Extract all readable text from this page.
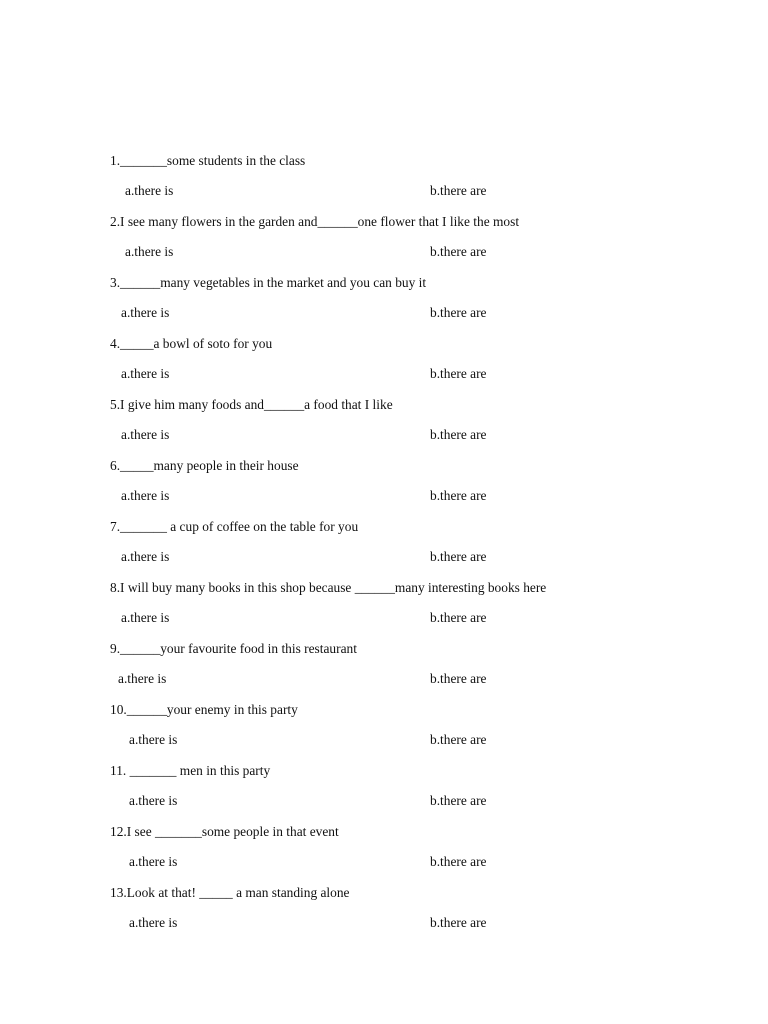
1._______some students in the class
a.there is	b.there are
2.I see many flowers in the garden and______one flower that I like the most
a.there is	b.there are
3.______many vegetables in the market and you can buy it
a.there is	b.there are
4._____a bowl of soto for you
a.there is	b.there are
5.I give him many foods and______a food that I like
a.there is	b.there are
6._____many people in their house
a.there is	b.there are
7._______ a cup of coffee on the table for you
a.there is	b.there are
8.I will buy many books in this shop because ______many interesting books here
a.there is	b.there are
9.______your favourite food in this restaurant
a.there is	b.there are
10.______your enemy in this party
a.there is	b.there are
11. _______ men in this party
a.there is	b.there are
12.I see _______some people in that event
a.there is	b.there are
13.Look at that! _____ a man standing alone
a.there is	b.there are
